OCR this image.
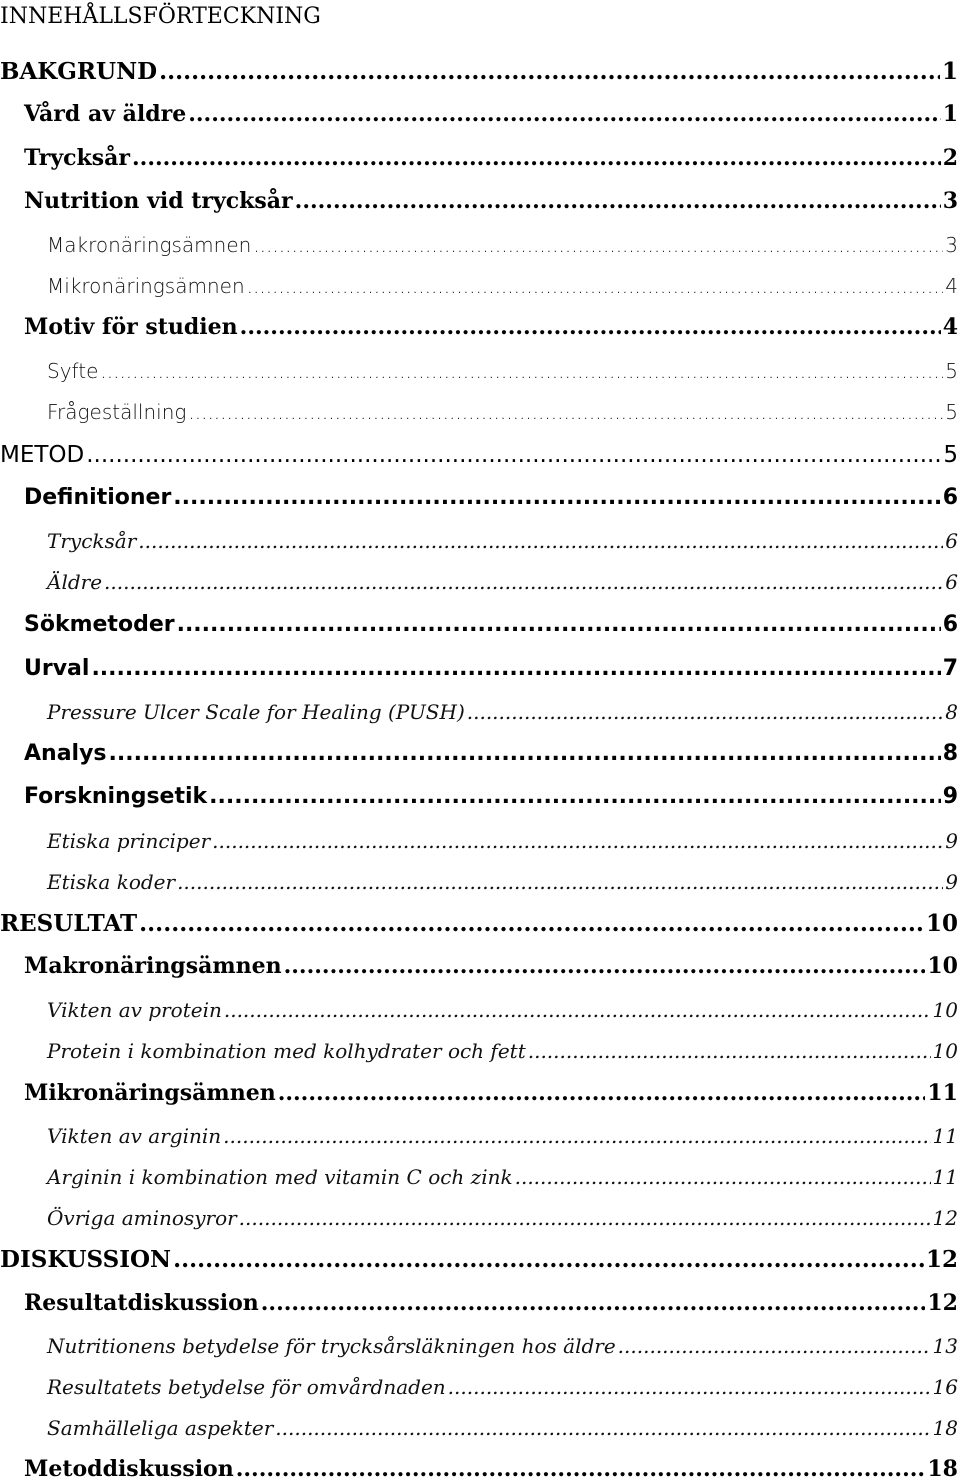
INNEHÅLLSFÖRTECKNING
BAKGRUND .....	1
Vård av äldre .....	1
Trycksår .....	2
Nutrition vid trycksår .....	3
Makronäringsämnen .....	3
Mikronäringsämnen .....	4
Motiv för studien .....	4
Syfte .....	5
Frågeställning .....	5
METOD .....	5
Definitioner .....	6
Trycksår .....	6
Äldre .....	6
Sökmetoder .....	6
Urval .....	7
Pressure Ulcer Scale for Healing (PUSH) .....	8
Analys .....	8
Forskningsetik .....	9
Etiska principer .....	9
Etiska koder .....	9
RESULTAT .....	10
Makronäringsämnen .....	10
Vikten av protein .....	10
Protein i kombination med kolhydrater och fett .....	10
Mikronäringsämnen .....	11
Vikten av arginin .....	11
Arginin i kombination med vitamin C och zink .....	11
Övriga aminosyror .....	12
DISKUSSION .....	12
Resultatdiskussion .....	12
Nutritionens betydelse för trycksårsläkningen hos äldre .....	13
Resultatets betydelse för omvårdnaden .....	16
Samhälleliga aspekter .....	18
Metoddiskussion .....	18
